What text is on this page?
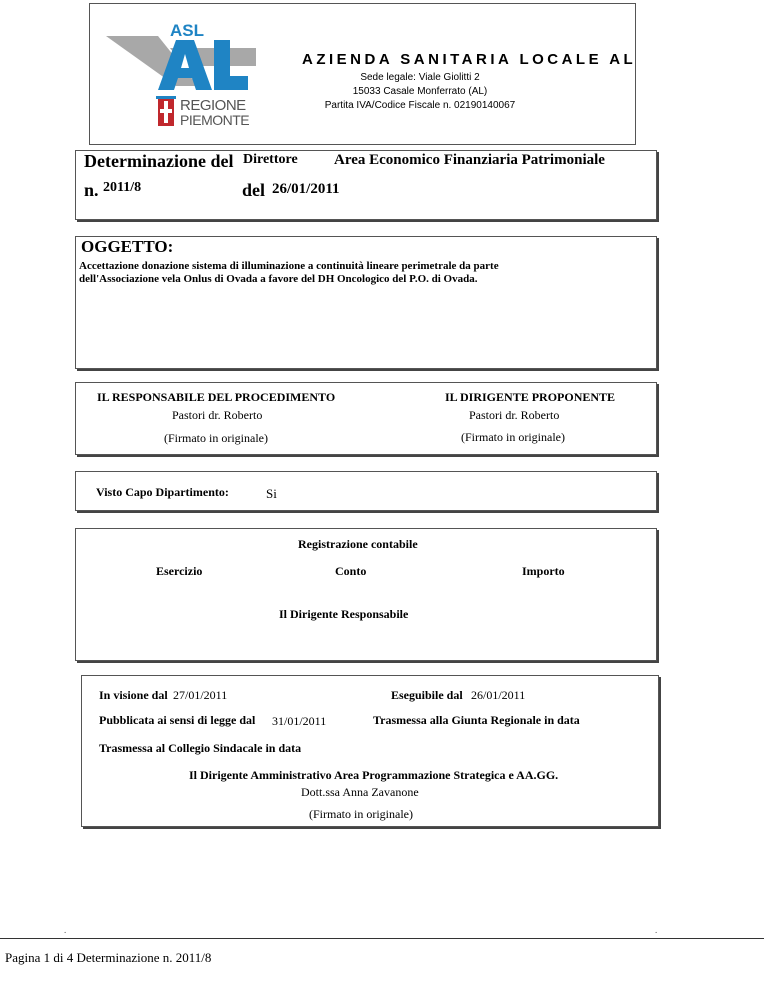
ASL
REGIONE
PIEMONTE
AZIENDA SANITARIA LOCALE AL
Sede legale: Viale Giolitti 2
15033 Casale Monferrato (AL)
Partita IVA/Codice Fiscale n. 02190140067
Determinazione del Direttore Area Economico Finanziaria Patrimoniale
n. 2011/8	del 26/01/2011
OGGETTO:
Accettazione donazione sistema di illuminazione a continuità lineare perimetrale da parte
dell'Associazione vela Onlus di Ovada a favore del DH Oncologico del P.O. di Ovada.
IL RESPONSABILE DEL PROCEDIMENTO
Pastori dr. Roberto
(Firmato in originale)
IL DIRIGENTE PROPONENTE
Pastori dr. Roberto
(Firmato in originale)
Visto Capo Dipartimento:	Si
Registrazione contabile
Esercizio	Conto	Importo
Il Dirigente Responsabile
In visione dal 27/01/2011	Eseguibile dal 26/01/2011
Pubblicata ai sensi di legge dal 31/01/2011	Trasmessa alla Giunta Regionale in data
Trasmessa al Collegio Sindacale in data
Il Dirigente Amministrativo Area Programmazione Strategica e AA.GG.
Dott.ssa Anna Zavanone
(Firmato in originale)
.	.
Pagina 1 di 4 Determinazione n. 2011/8
